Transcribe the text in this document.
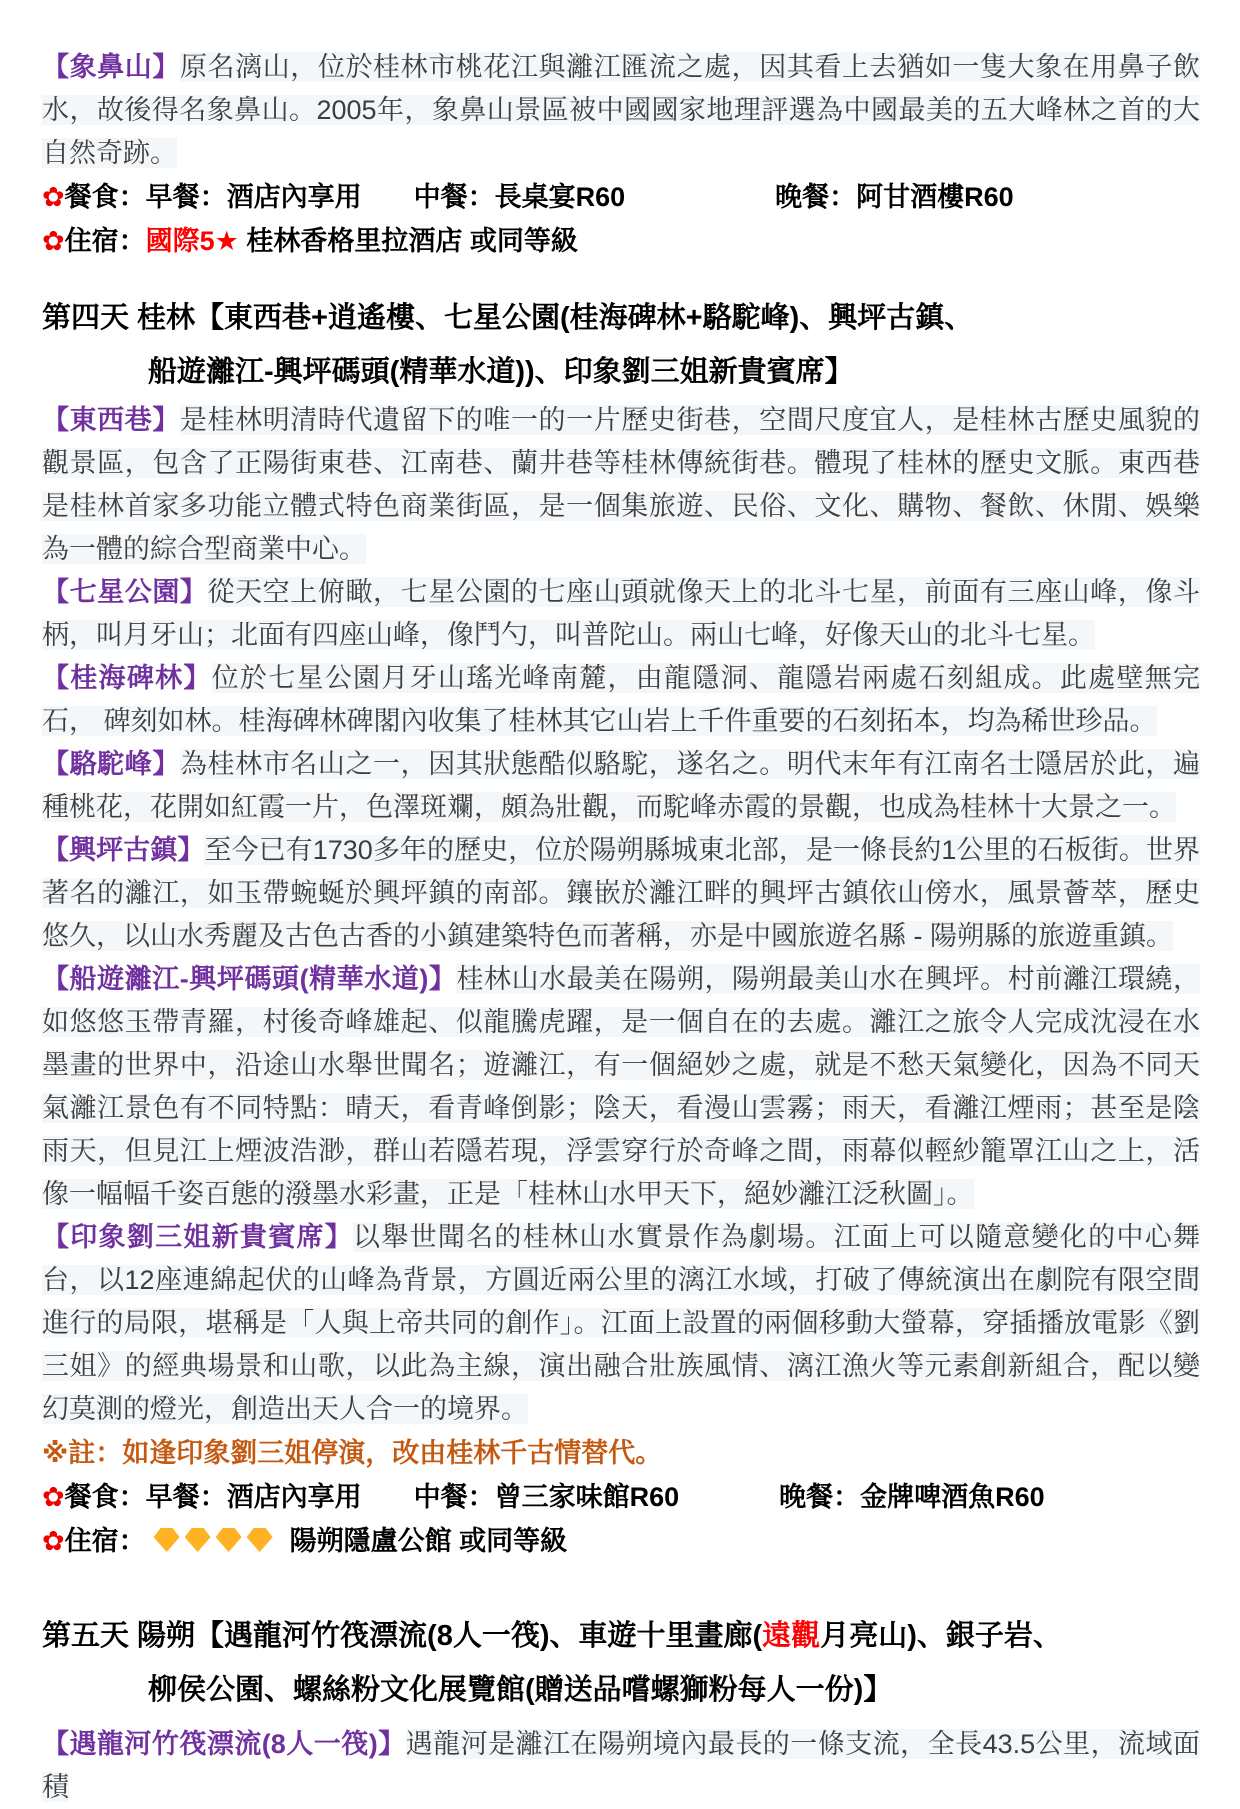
【象鼻山】原名漓山，位於桂林市桃花江與灕江匯流之處，因其看上去猶如一隻大象在用鼻子飲水，故後得名象鼻山。2005年，象鼻山景區被中國國家地理評選為中國最美的五大峰林之首的大自然奇跡。

✿餐食：早餐：酒店內享用 中餐：長桌宴R60	晚餐：阿甘酒樓R60

✿住宿：國際5★ 桂林香格里拉酒店 或同等級

第四天 桂林【東西巷+逍遙樓、七星公園(桂海碑林+駱駝峰)、興坪古鎮、
船遊灕江-興坪碼頭(精華水道))、印象劉三姐新貴賓席】

【東西巷】是桂林明清時代遺留下的唯一的一片歷史街巷，空間尺度宜人，是桂林古歷史風貌的觀景區，包含了正陽街東巷、江南巷、蘭井巷等桂林傳統街巷。體現了桂林的歷史文脈。東西巷是桂林首家多功能立體式特色商業街區，是一個集旅遊、民俗、文化、購物、餐飲、休閒、娛樂為一體的綜合型商業中心。

【七星公園】從天空上俯瞰，七星公園的七座山頭就像天上的北斗七星，前面有三座山峰，像斗柄，叫月牙山；北面有四座山峰，像鬥勺，叫普陀山。兩山七峰，好像天山的北斗七星。

【桂海碑林】位於七星公園月牙山瑤光峰南麓，由龍隱洞、龍隱岩兩處石刻組成。此處壁無完石， 碑刻如林。桂海碑林碑閣內收集了桂林其它山岩上千件重要的石刻拓本，均為稀世珍品。

【駱駝峰】為桂林市名山之一，因其狀態酷似駱駝，遂名之。明代末年有江南名士隱居於此，遍種桃花，花開如紅霞一片，色澤斑斕，頗為壯觀，而駝峰赤霞的景觀，也成為桂林十大景之一。

【興坪古鎮】至今已有1730多年的歷史，位於陽朔縣城東北部，是一條長約1公里的石板街。世界著名的灕江，如玉帶蜿蜒於興坪鎮的南部。鑲嵌於灕江畔的興坪古鎮依山傍水，風景薈萃，歷史悠久，以山水秀麗及古色古香的小鎮建築特色而著稱，亦是中國旅遊名縣 - 陽朔縣的旅遊重鎮。

【船遊灕江-興坪碼頭(精華水道)】桂林山水最美在陽朔，陽朔最美山水在興坪。村前灕江環繞，如悠悠玉帶青羅，村後奇峰雄起、似龍騰虎躍，是一個自在的去處。灕江之旅令人完成沈浸在水墨畫的世界中，沿途山水舉世聞名；遊灕江，有一個絕妙之處，就是不愁天氣變化，因為不同天氣灕江景色有不同特點：晴天，看青峰倒影；陰天，看漫山雲霧；雨天，看灕江煙雨；甚至是陰雨天，但見江上煙波浩渺，群山若隱若現，浮雲穿行於奇峰之間，雨幕似輕紗籠罩江山之上，活像一幅幅千姿百態的潑墨水彩畫，正是「桂林山水甲天下，絕妙灕江泛秋圖」。

【印象劉三姐新貴賓席】以舉世聞名的桂林山水實景作為劇場。江面上可以隨意變化的中心舞台，以12座連綿起伏的山峰為背景，方圓近兩公里的漓江水域，打破了傳統演出在劇院有限空間進行的局限，堪稱是「人與上帝共同的創作」。江面上設置的兩個移動大螢幕，穿插播放電影《劉三姐》的經典場景和山歌，以此為主線，演出融合壯族風情、漓江漁火等元素創新組合，配以變幻莫測的燈光，創造出天人合一的境界。

※註：如逢印象劉三姐停演，改由桂林千古情替代。

✿餐食：早餐：酒店內享用 中餐：曾三家味館R60	晚餐：金牌啤酒魚R60

✿住宿：	陽朔隱盧公館 或同等級

第五天 陽朔【遇龍河竹筏漂流(8人一筏)、車遊十里畫廊(遠觀月亮山)、銀子岩、
柳侯公園、螺絲粉文化展覽館(贈送品嚐螺獅粉每人一份)】

【遇龍河竹筏漂流(8人一筏)】遇龍河是灕江在陽朔境內最長的一條支流，全長43.5公里，流域面積
